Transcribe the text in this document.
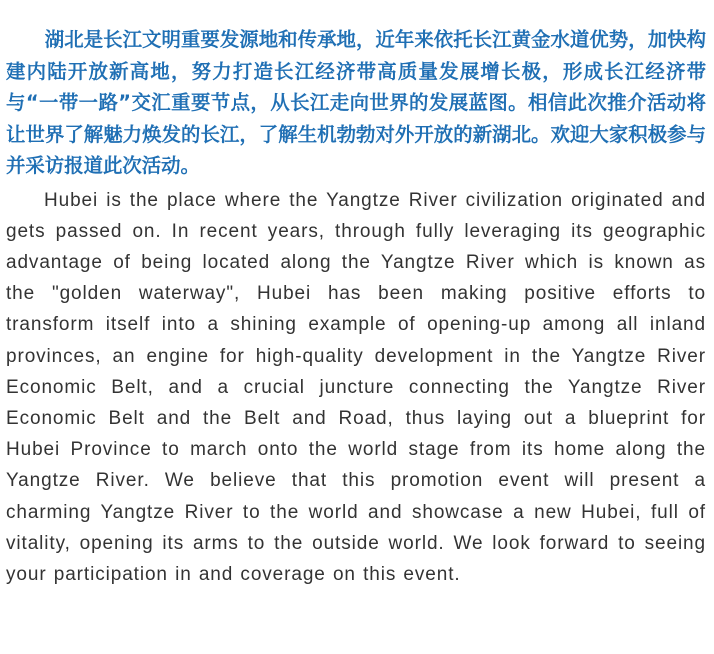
湖北是长江文明重要发源地和传承地，近年来依托长江黄金水道优势，加快构建内陆开放新高地，努力打造长江经济带高质量发展增长极，形成长江经济带与“一带一路”交汇重要节点，从长江走向世界的发展蓝图。相信此次推介活动将让世界了解魅力焕发的长江，了解生机勃勃对外开放的新湖北。欢迎大家积极参与并采访报道此次活动。

Hubei is the place where the Yangtze River civilization originated and gets passed on. In recent years, through fully leveraging its geographic advantage of being located along the Yangtze River which is known as the "golden waterway", Hubei has been making positive efforts to transform itself into a shining example of opening-up among all inland provinces, an engine for high-quality development in the Yangtze River Economic Belt, and a crucial juncture connecting the Yangtze River Economic Belt and the Belt and Road, thus laying out a blueprint for Hubei Province to march onto the world stage from its home along the Yangtze River. We believe that this promotion event will present a charming Yangtze River to the world and showcase a new Hubei, full of vitality, opening its arms to the outside world. We look forward to seeing your participation in and coverage on this event.
